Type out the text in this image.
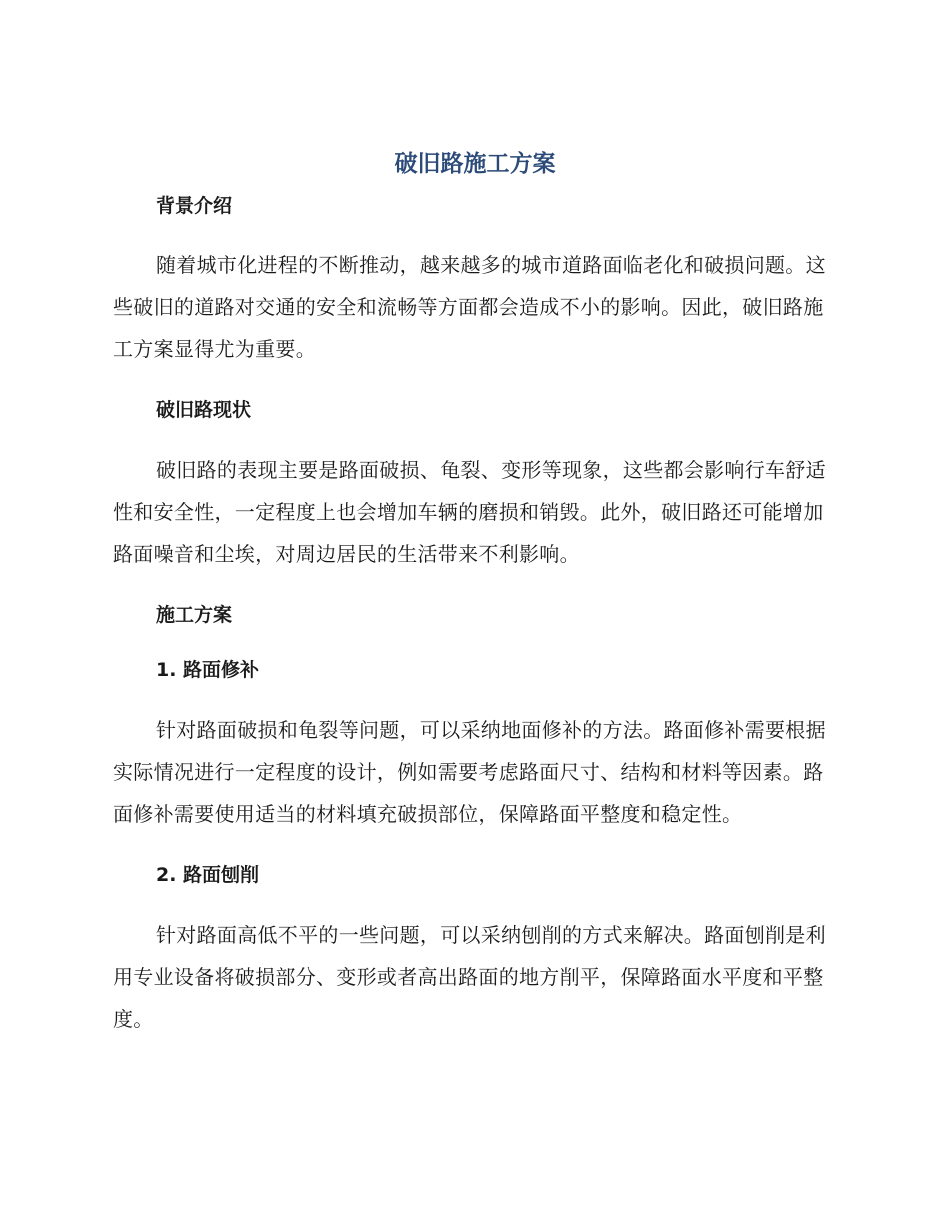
破旧路施工方案
背景介绍

随着城市化进程的不断推动，越来越多的城市道路面临老化和破损问题。这些破旧的道路对交通的安全和流畅等方面都会造成不小的影响。因此，破旧路施工方案显得尤为重要。

破旧路现状

破旧路的表现主要是路面破损、龟裂、变形等现象，这些都会影响行车舒适性和安全性，一定程度上也会增加车辆的磨损和销毁。此外，破旧路还可能增加路面噪音和尘埃，对周边居民的生活带来不利影响。

施工方案
1. 路面修补

针对路面破损和龟裂等问题，可以采纳地面修补的方法。路面修补需要根据实际情况进行一定程度的设计，例如需要考虑路面尺寸、结构和材料等因素。路面修补需要使用适当的材料填充破损部位，保障路面平整度和稳定性。

2. 路面刨削

针对路面高低不平的一些问题，可以采纳刨削的方式来解决。路面刨削是利用专业设备将破损部分、变形或者高出路面的地方削平，保障路面水平度和平整度。
